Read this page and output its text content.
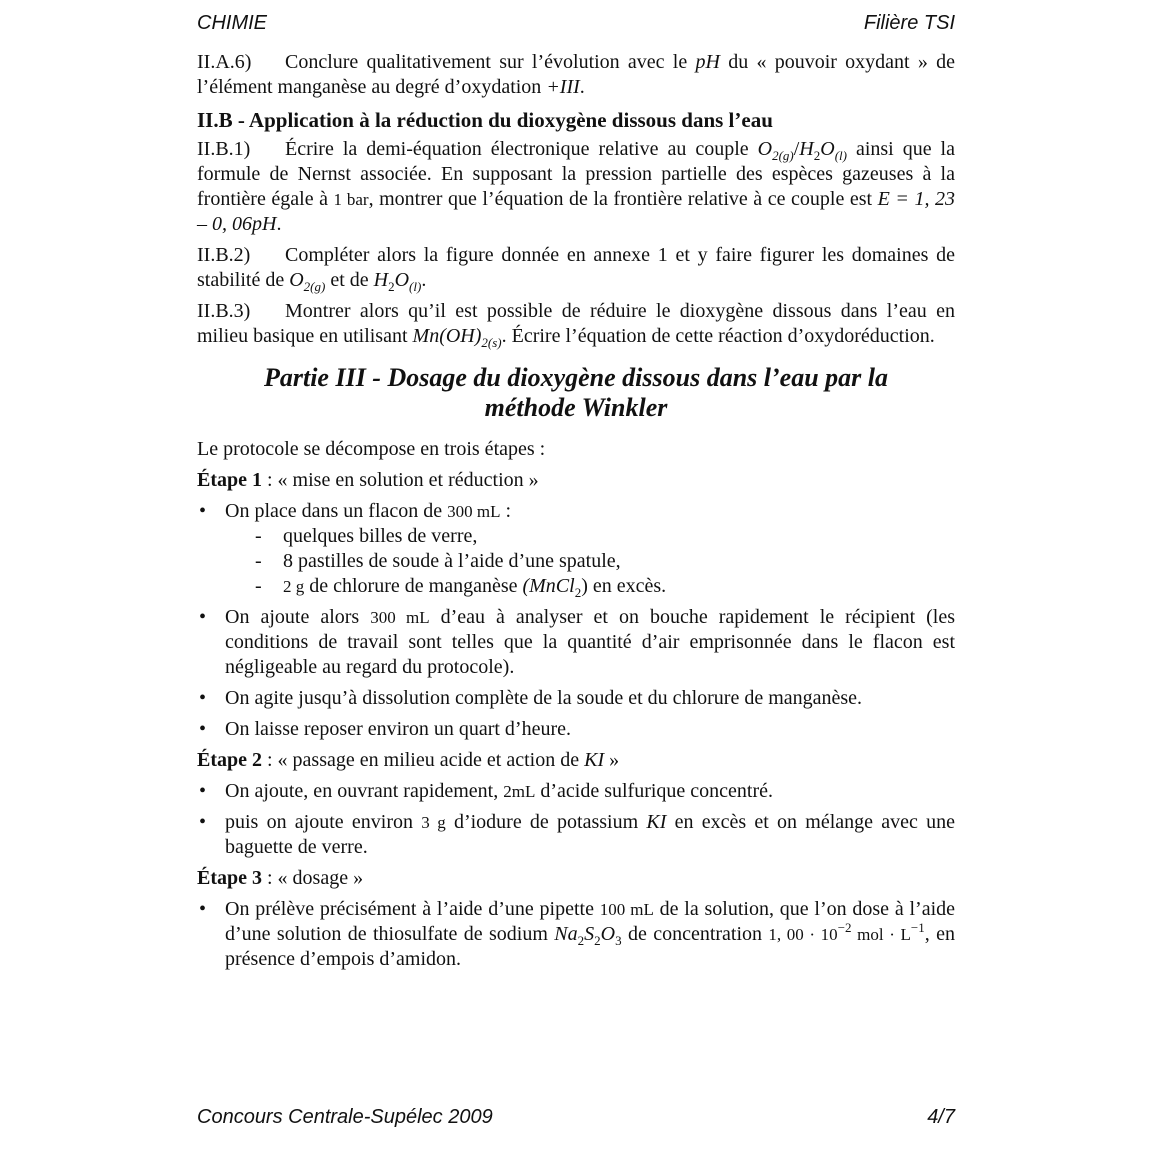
CHIMIE	Filière TSI

II.A.6) Conclure qualitativement sur l’évolution avec le pH du « pouvoir oxydant » de l’élément manganèse au degré d’oxydation +III.

II.B - Application à la réduction du dioxygène dissous dans l’eau

II.B.1) Écrire la demi-équation électronique relative au couple $O_{2(g)}/H_2O_{(l)}$ ainsi que la formule de Nernst associée. En supposant la pression partielle des espèces gazeuses à la frontière égale à 1 bar, montrer que l’équation de la frontière relative à ce couple est E = 1, 23 – 0, 06pH.

II.B.2) Compléter alors la figure donnée en annexe 1 et y faire figurer les domaines de stabilité de $O_{2(g)}$ et de $H_2O_{(l)}$.

II.B.3) Montrer alors qu’il est possible de réduire le dioxygène dissous dans l’eau en milieu basique en utilisant $Mn(OH)_{2(s)}$. Écrire l’équation de cette réaction d’oxydoréduction.

Partie III - Dosage du dioxygène dissous dans l’eau par la
méthode Winkler

Le protocole se décompose en trois étapes :

Étape 1 : « mise en solution et réduction »
• On place dans un flacon de 300 mL :
- quelques billes de verre,
- 8 pastilles de soude à l’aide d’une spatule,
- 2 g de chlorure de manganèse (MnCl$_2$) en excès.
• On ajoute alors 300 mL d’eau à analyser et on bouche rapidement le récipient (les conditions de travail sont telles que la quantité d’air emprisonnée dans le flacon est négligeable au regard du protocole).
• On agite jusqu’à dissolution complète de la soude et du chlorure de manganèse.
• On laisse reposer environ un quart d’heure.
Étape 2 : « passage en milieu acide et action de KI »
• On ajoute, en ouvrant rapidement, 2mL d’acide sulfurique concentré.
• puis on ajoute environ 3 g d’iodure de potassium KI en excès et on mélange avec une baguette de verre.
Étape 3 : « dosage »
• On prélève précisément à l’aide d’une pipette 100 mL de la solution, que l’on dose à l’aide d’une solution de thiosulfate de sodium $Na_2S_2O_3$ de concentration 1, $00 \cdot 10^{-2}$ mol · $L^{-1}$, en présence d’empois d’amidon.
Concours Centrale-Supélec 2009	4/7
